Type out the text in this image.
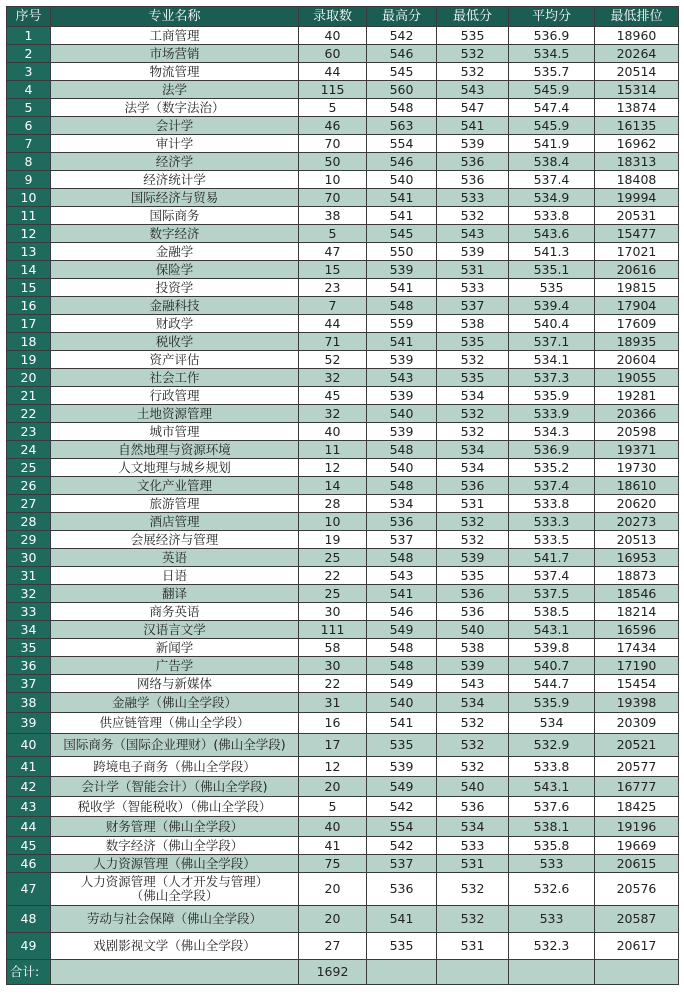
序号	专业名称	录取数	最高分	最低分	平均分	最低排位
1	工商管理	40	542	535	536.9	18960
2	市场营销	60	546	532	534.5	20264
3	物流管理	44	545	532	535.7	20514
4	法学	115	560	543	545.9	15314
5	法学（数字法治）	5	548	547	547.4	13874
6	会计学	46	563	541	545.9	16135
7	审计学	70	554	539	541.9	16962
8	经济学	50	546	536	538.4	18313
9	经济统计学	10	540	536	537.4	18408
10	国际经济与贸易	70	541	533	534.9	19994
11	国际商务	38	541	532	533.8	20531
12	数字经济	5	545	543	543.6	15477
13	金融学	47	550	539	541.3	17021
14	保险学	15	539	531	535.1	20616
15	投资学	23	541	533	535	19815
16	金融科技	7	548	537	539.4	17904
17	财政学	44	559	538	540.4	17609
18	税收学	71	541	535	537.1	18935
19	资产评估	52	539	532	534.1	20604
20	社会工作	32	543	535	537.3	19055
21	行政管理	45	539	534	535.9	19281
22	土地资源管理	32	540	532	533.9	20366
23	城市管理	40	539	532	534.3	20598
24	自然地理与资源环境	11	548	534	536.9	19371
25	人文地理与城乡规划	12	540	534	535.2	19730
26	文化产业管理	14	548	536	537.4	18610
27	旅游管理	28	534	531	533.8	20620
28	酒店管理	10	536	532	533.3	20273
29	会展经济与管理	19	537	532	533.5	20513
30	英语	25	548	539	541.7	16953
31	日语	22	543	535	537.4	18873
32	翻译	25	541	536	537.5	18546
33	商务英语	30	546	536	538.5	18214
34	汉语言文学	111	549	540	543.1	16596
35	新闻学	58	548	538	539.8	17434
36	广告学	30	548	539	540.7	17190
37	网络与新媒体	22	549	543	544.7	15454
38	金融学（佛山全学段）	31	540	534	535.9	19398
39	供应链管理（佛山全学段）	16	541	532	534	20309
40	国际商务（国际企业理财）(佛山全学段)	17	535	532	532.9	20521
41	跨境电子商务（佛山全学段）	12	539	532	533.8	20577
42	会计学（智能会计）（佛山全学段)	20	549	540	543.1	16777
43	税收学（智能税收）（佛山全学段）	5	542	536	537.6	18425
44	财务管理（佛山全学段）	40	554	534	538.1	19196
45	数字经济（佛山全学段）	41	542	533	535.8	19669
46	人力资源管理（佛山全学段）	75	537	531	533	20615
47	人力资源管理（人才开发与管理）
（佛山全学段）	20	536	532	532.6	20576
48	劳动与社会保障（佛山全学段）	20	541	532	533	20587
49	戏剧影视文学（佛山全学段）	27	535	531	532.3	20617
合计:		1692				
